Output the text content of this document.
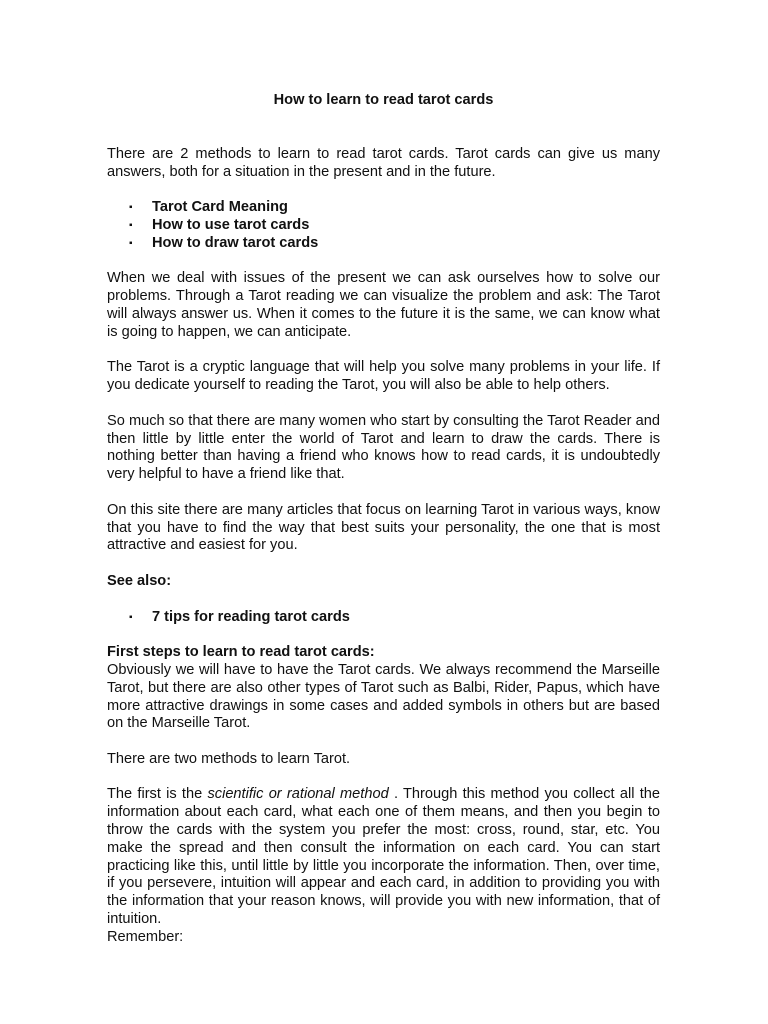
How to learn to read tarot cards

There are 2 methods to learn to read tarot cards. Tarot cards can give us many answers, both for a situation in the present and in the future.

▪ Tarot Card Meaning
▪ How to use tarot cards
▪ How to draw tarot cards

When we deal with issues of the present we can ask ourselves how to solve our problems. Through a Tarot reading we can visualize the problem and ask: The Tarot will always answer us. When it comes to the future it is the same, we can know what is going to happen, we can anticipate.

The Tarot is a cryptic language that will help you solve many problems in your life. If you dedicate yourself to reading the Tarot, you will also be able to help others.

So much so that there are many women who start by consulting the Tarot Reader and then little by little enter the world of Tarot and learn to draw the cards. There is nothing better than having a friend who knows how to read cards, it is undoubtedly very helpful to have a friend like that.

On this site there are many articles that focus on learning Tarot in various ways, know that you have to find the way that best suits your personality, the one that is most attractive and easiest for you.

See also:

▪ 7 tips for reading tarot cards

First steps to learn to read tarot cards:

Obviously we will have to have the Tarot cards. We always recommend the Marseille Tarot, but there are also other types of Tarot such as Balbi, Rider, Papus, which have more attractive drawings in some cases and added symbols in others but are based on the Marseille Tarot.

There are two methods to learn Tarot.

The first is the scientific or rational method . Through this method you collect all the information about each card, what each one of them means, and then you begin to throw the cards with the system you prefer the most: cross, round, star, etc. You make the spread and then consult the information on each card. You can start practicing like this, until little by little you incorporate the information. Then, over time, if you persevere, intuition will appear and each card, in addition to providing you with the information that your reason knows, will provide you with new information, that of intuition.

Remember:
